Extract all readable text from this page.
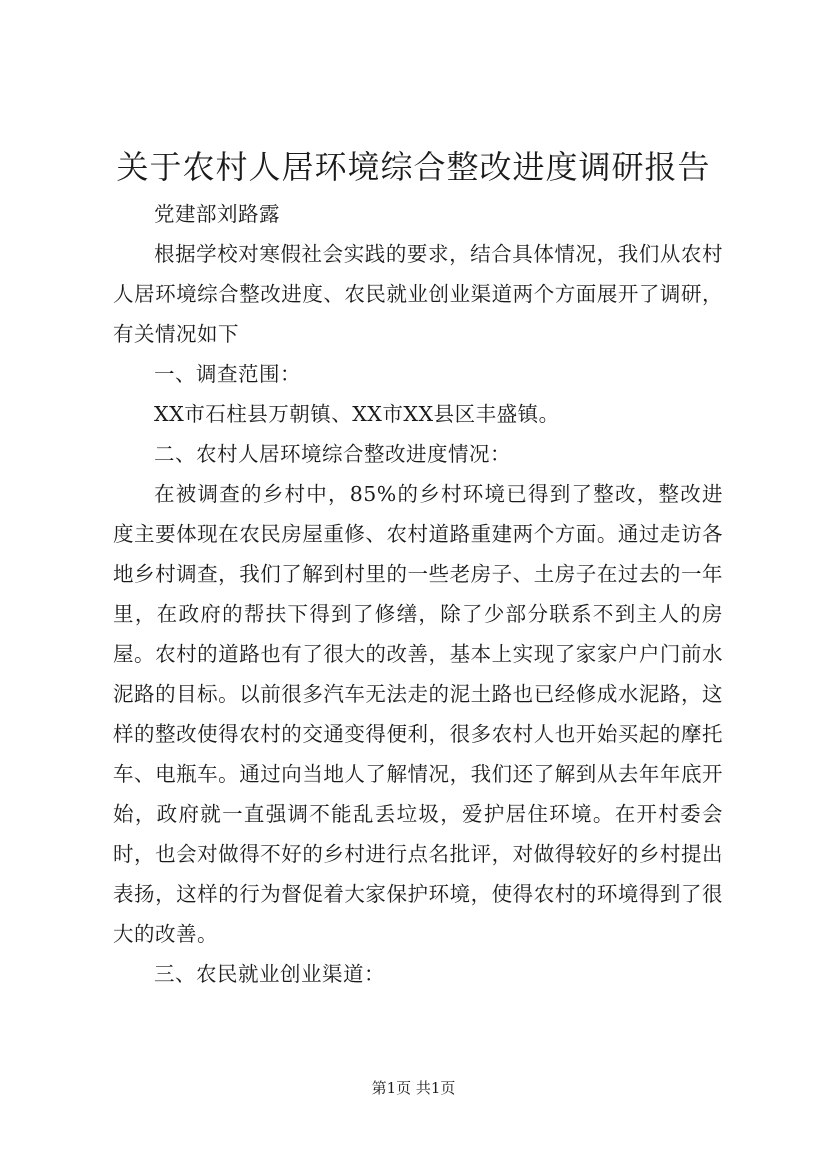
关于农村人居环境综合整改进度调研报告

党建部刘路露

根据学校对寒假社会实践的要求，结合具体情况，我们从农村人居环境综合整改进度、农民就业创业渠道两个方面展开了调研，有关情况如下

一、调查范围：

XX市石柱县万朝镇、XX市XX县区丰盛镇。

二、农村人居环境综合整改进度情况：

在被调查的乡村中，85%的乡村环境已得到了整改，整改进度主要体现在农民房屋重修、农村道路重建两个方面。通过走访各地乡村调查，我们了解到村里的一些老房子、土房子在过去的一年里，在政府的帮扶下得到了修缮，除了少部分联系不到主人的房屋。农村的道路也有了很大的改善，基本上实现了家家户户门前水泥路的目标。以前很多汽车无法走的泥土路也已经修成水泥路，这样的整改使得农村的交通变得便利，很多农村人也开始买起的摩托车、电瓶车。通过向当地人了解情况，我们还了解到从去年年底开始，政府就一直强调不能乱丢垃圾，爱护居住环境。在开村委会时，也会对做得不好的乡村进行点名批评，对做得较好的乡村提出表扬，这样的行为督促着大家保护环境，使得农村的环境得到了很大的改善。

三、农民就业创业渠道：

第1页 共1页
